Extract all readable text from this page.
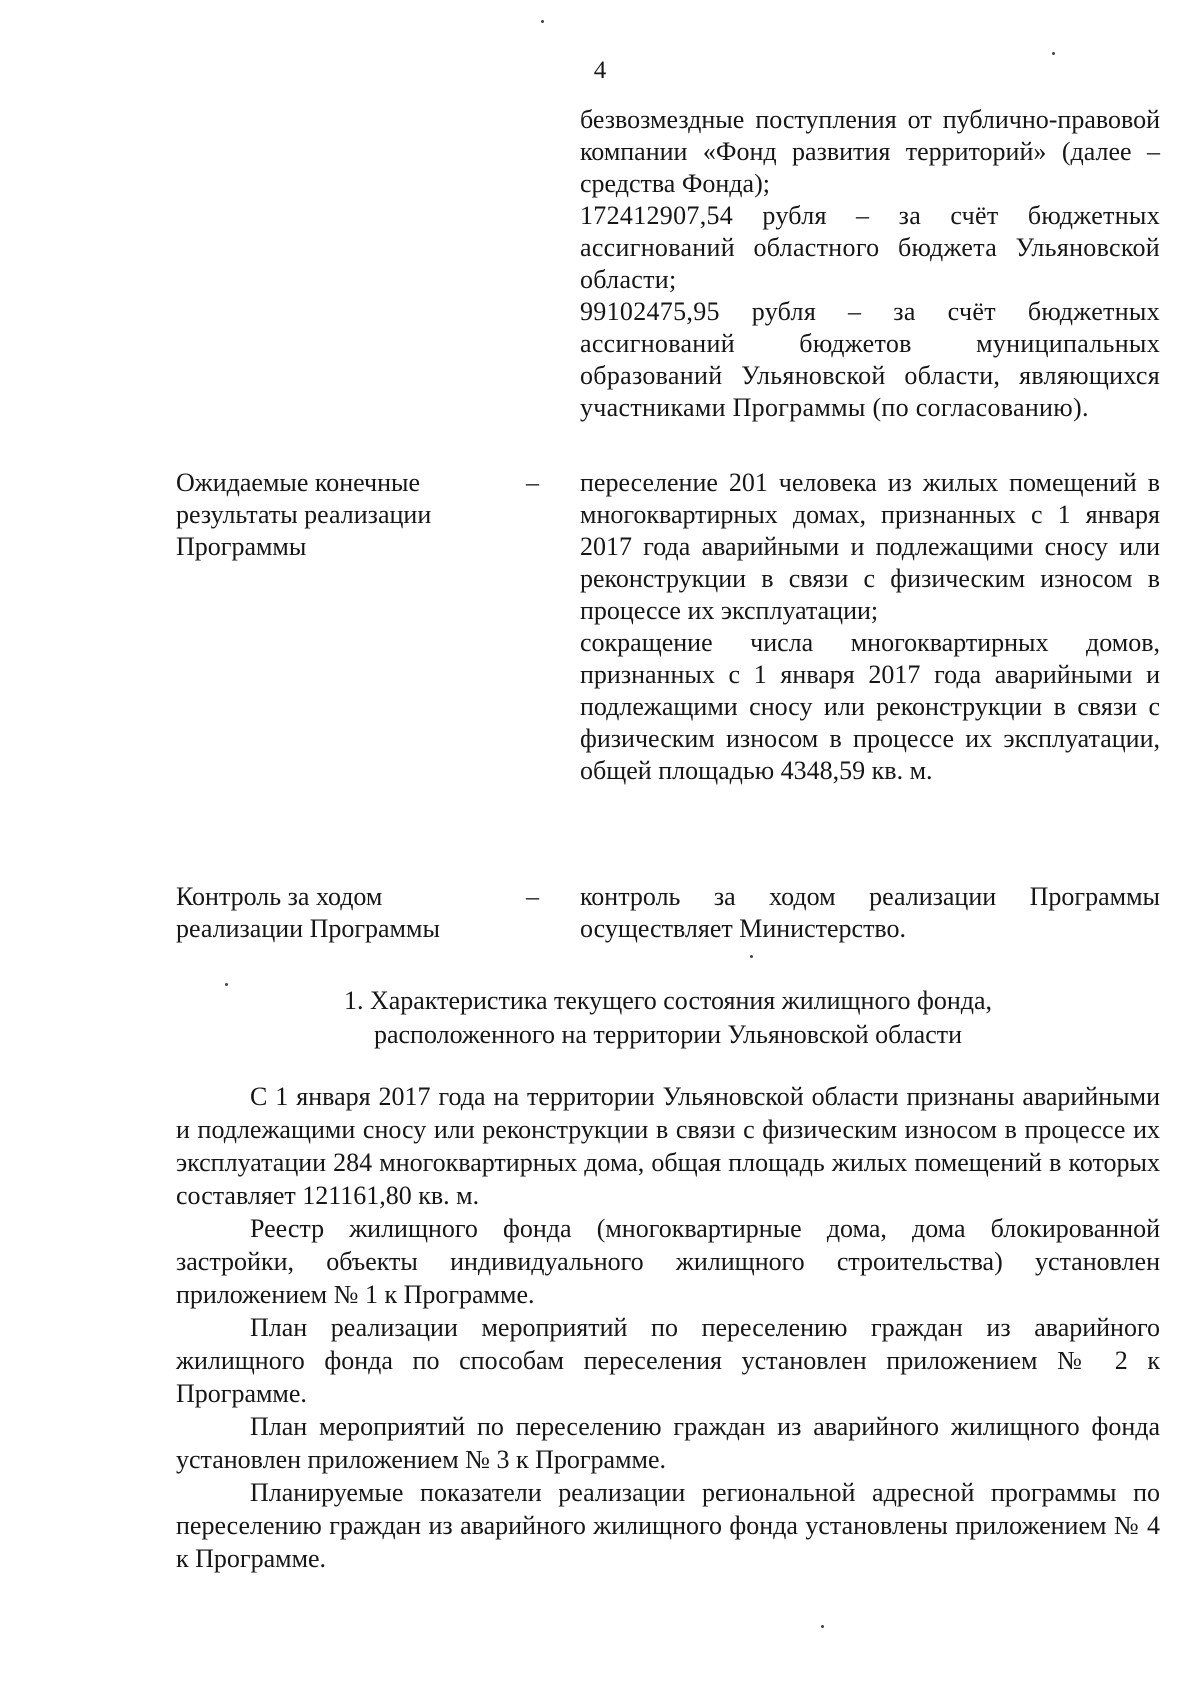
4

безвозмездные поступления от публично-правовой компании «Фонд развития территорий» (далее – средства Фонда);

172412907,54 рубля – за счёт бюджетных ассигнований областного бюджета Ульяновской области;

99102475,95 рубля – за счёт бюджетных ассигнований бюджетов муниципальных образований Ульяновской области, являющихся участниками Программы (по согласованию).

Ожидаемые конечные результаты реализации Программы
– переселение 201 человека из жилых помещений в многоквартирных домах, признанных с 1 января 2017 года аварийными и подлежащими сносу или реконструкции в связи с физическим износом в процессе их эксплуатации;

сокращение числа многоквартирных домов, признанных с 1 января 2017 года аварийными и подлежащими сносу или реконструкции в связи с физическим износом в процессе их эксплуатации, общей площадью 4348,59 кв. м.

Контроль за ходом реализации Программы
– контроль за ходом реализации Программы осуществляет Министерство.

1. Характеристика текущего состояния жилищного фонда,
расположенного на территории Ульяновской области

С 1 января 2017 года на территории Ульяновской области признаны аварийными и подлежащими сносу или реконструкции в связи с физическим износом в процессе их эксплуатации 284 многоквартирных дома, общая площадь жилых помещений в которых составляет 121161,80 кв. м.

Реестр жилищного фонда (многоквартирные дома, дома блокированной застройки, объекты индивидуального жилищного строительства) установлен приложением № 1 к Программе.

План реализации мероприятий по переселению граждан из аварийного жилищного фонда по способам переселения установлен приложением № 2 к Программе.

План мероприятий по переселению граждан из аварийного жилищного фонда установлен приложением № 3 к Программе.

Планируемые показатели реализации региональной адресной программы по переселению граждан из аварийного жилищного фонда установлены приложением № 4 к Программе.
